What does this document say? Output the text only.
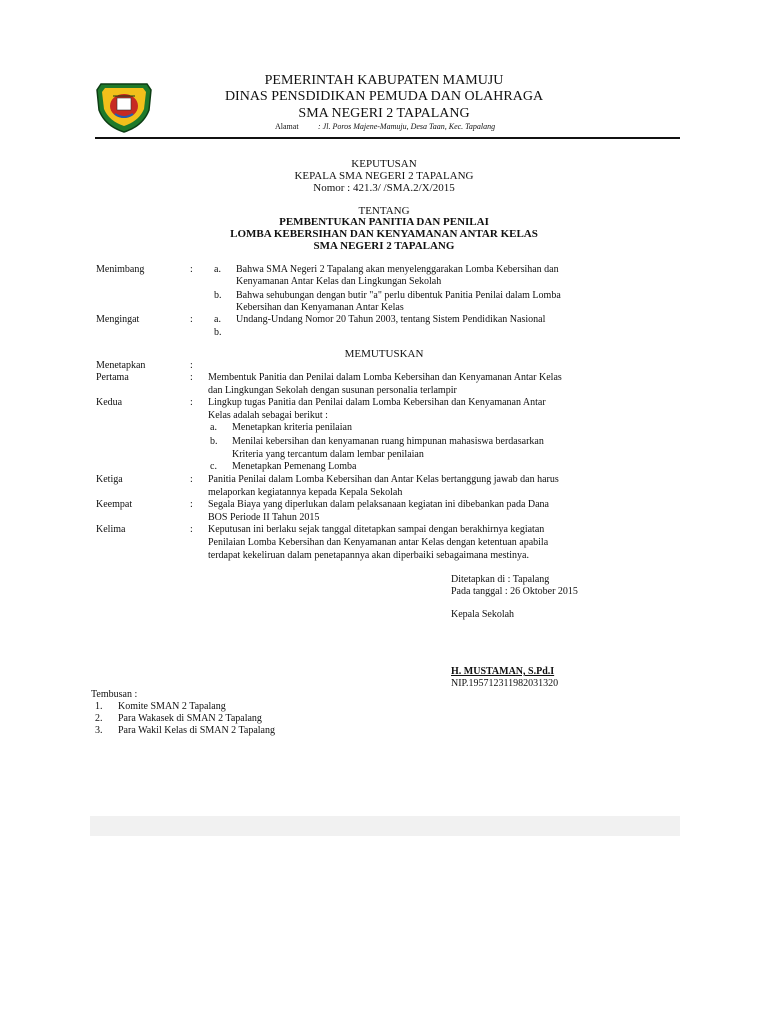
PEMERINTAH KABUPATEN MAMUJU
DINAS PENSDIDIKAN PEMUDA DAN OLAHRAGA
SMA NEGERI 2 TAPALANG
Alamat : Jl. Poros Majene-Mamuju, Desa Taan, Kec. Tapalang
KEPUTUSAN
KEPALA SMA NEGERI 2 TAPALANG
Nomor : 421.3/ /SMA.2/X/2015
TENTANG
PEMBENTUKAN PANITIA DAN PENILAI
LOMBA KEBERSIHAN DAN KENYAMANAN ANTAR KELAS
SMA NEGERI 2 TAPALANG
Menimbang	: a. Bahwa SMA Negeri 2 Tapalang akan menyelenggarakan Lomba Kebersihan dan
Kenyamanan Antar Kelas dan Lingkungan Sekolah
b. Bahwa sehubungan dengan butir "a" perlu dibentuk Panitia Penilai dalam Lomba
Kebersihan dan Kenyamanan Antar Kelas
Mengingat	: a. Undang-Undang Nomor 20 Tahun 2003, tentang Sistem Pendidikan Nasional
b.
MEMUTUSKAN
Menetapkan	:
Pertama	: Membentuk Panitia dan Penilai dalam Lomba Kebersihan dan Kenyamanan Antar Kelas
dan Lingkungan Sekolah dengan susunan personalia terlampir
Kedua	: Lingkup tugas Panitia dan Penilai dalam Lomba Kebersihan dan Kenyamanan Antar
Kelas adalah sebagai berikut :
a. Menetapkan kriteria penilaian
b. Menilai kebersihan dan kenyamanan ruang himpunan mahasiswa berdasarkan
Kriteria yang tercantum dalam lembar penilaian
c. Menetapkan Pemenang Lomba
Ketiga	: Panitia Penilai dalam Lomba Kebersihan dan Antar Kelas bertanggung jawab dan harus
melaporkan kegiatannya kepada Kepala Sekolah
Keempat	: Segala Biaya yang diperlukan dalam pelaksanaan kegiatan ini dibebankan pada Dana
BOS Periode II Tahun 2015
Kelima	: Keputusan ini berlaku sejak tanggal ditetapkan sampai dengan berakhirnya kegiatan
Penilaian Lomba Kebersihan dan Kenyamanan antar Kelas dengan ketentuan apabila
terdapat kekeliruan dalam penetapannya akan diperbaiki sebagaimana mestinya.
Ditetapkan di : Tapalang
Pada tanggal : 26 Oktober 2015
Kepala Sekolah
H. MUSTAMAN, S.Pd.I
NIP.195712311982031320
Tembusan :
1. Komite SMAN 2 Tapalang
2. Para Wakasek di SMAN 2 Tapalang
3. Para Wakil Kelas di SMAN 2 Tapalang
